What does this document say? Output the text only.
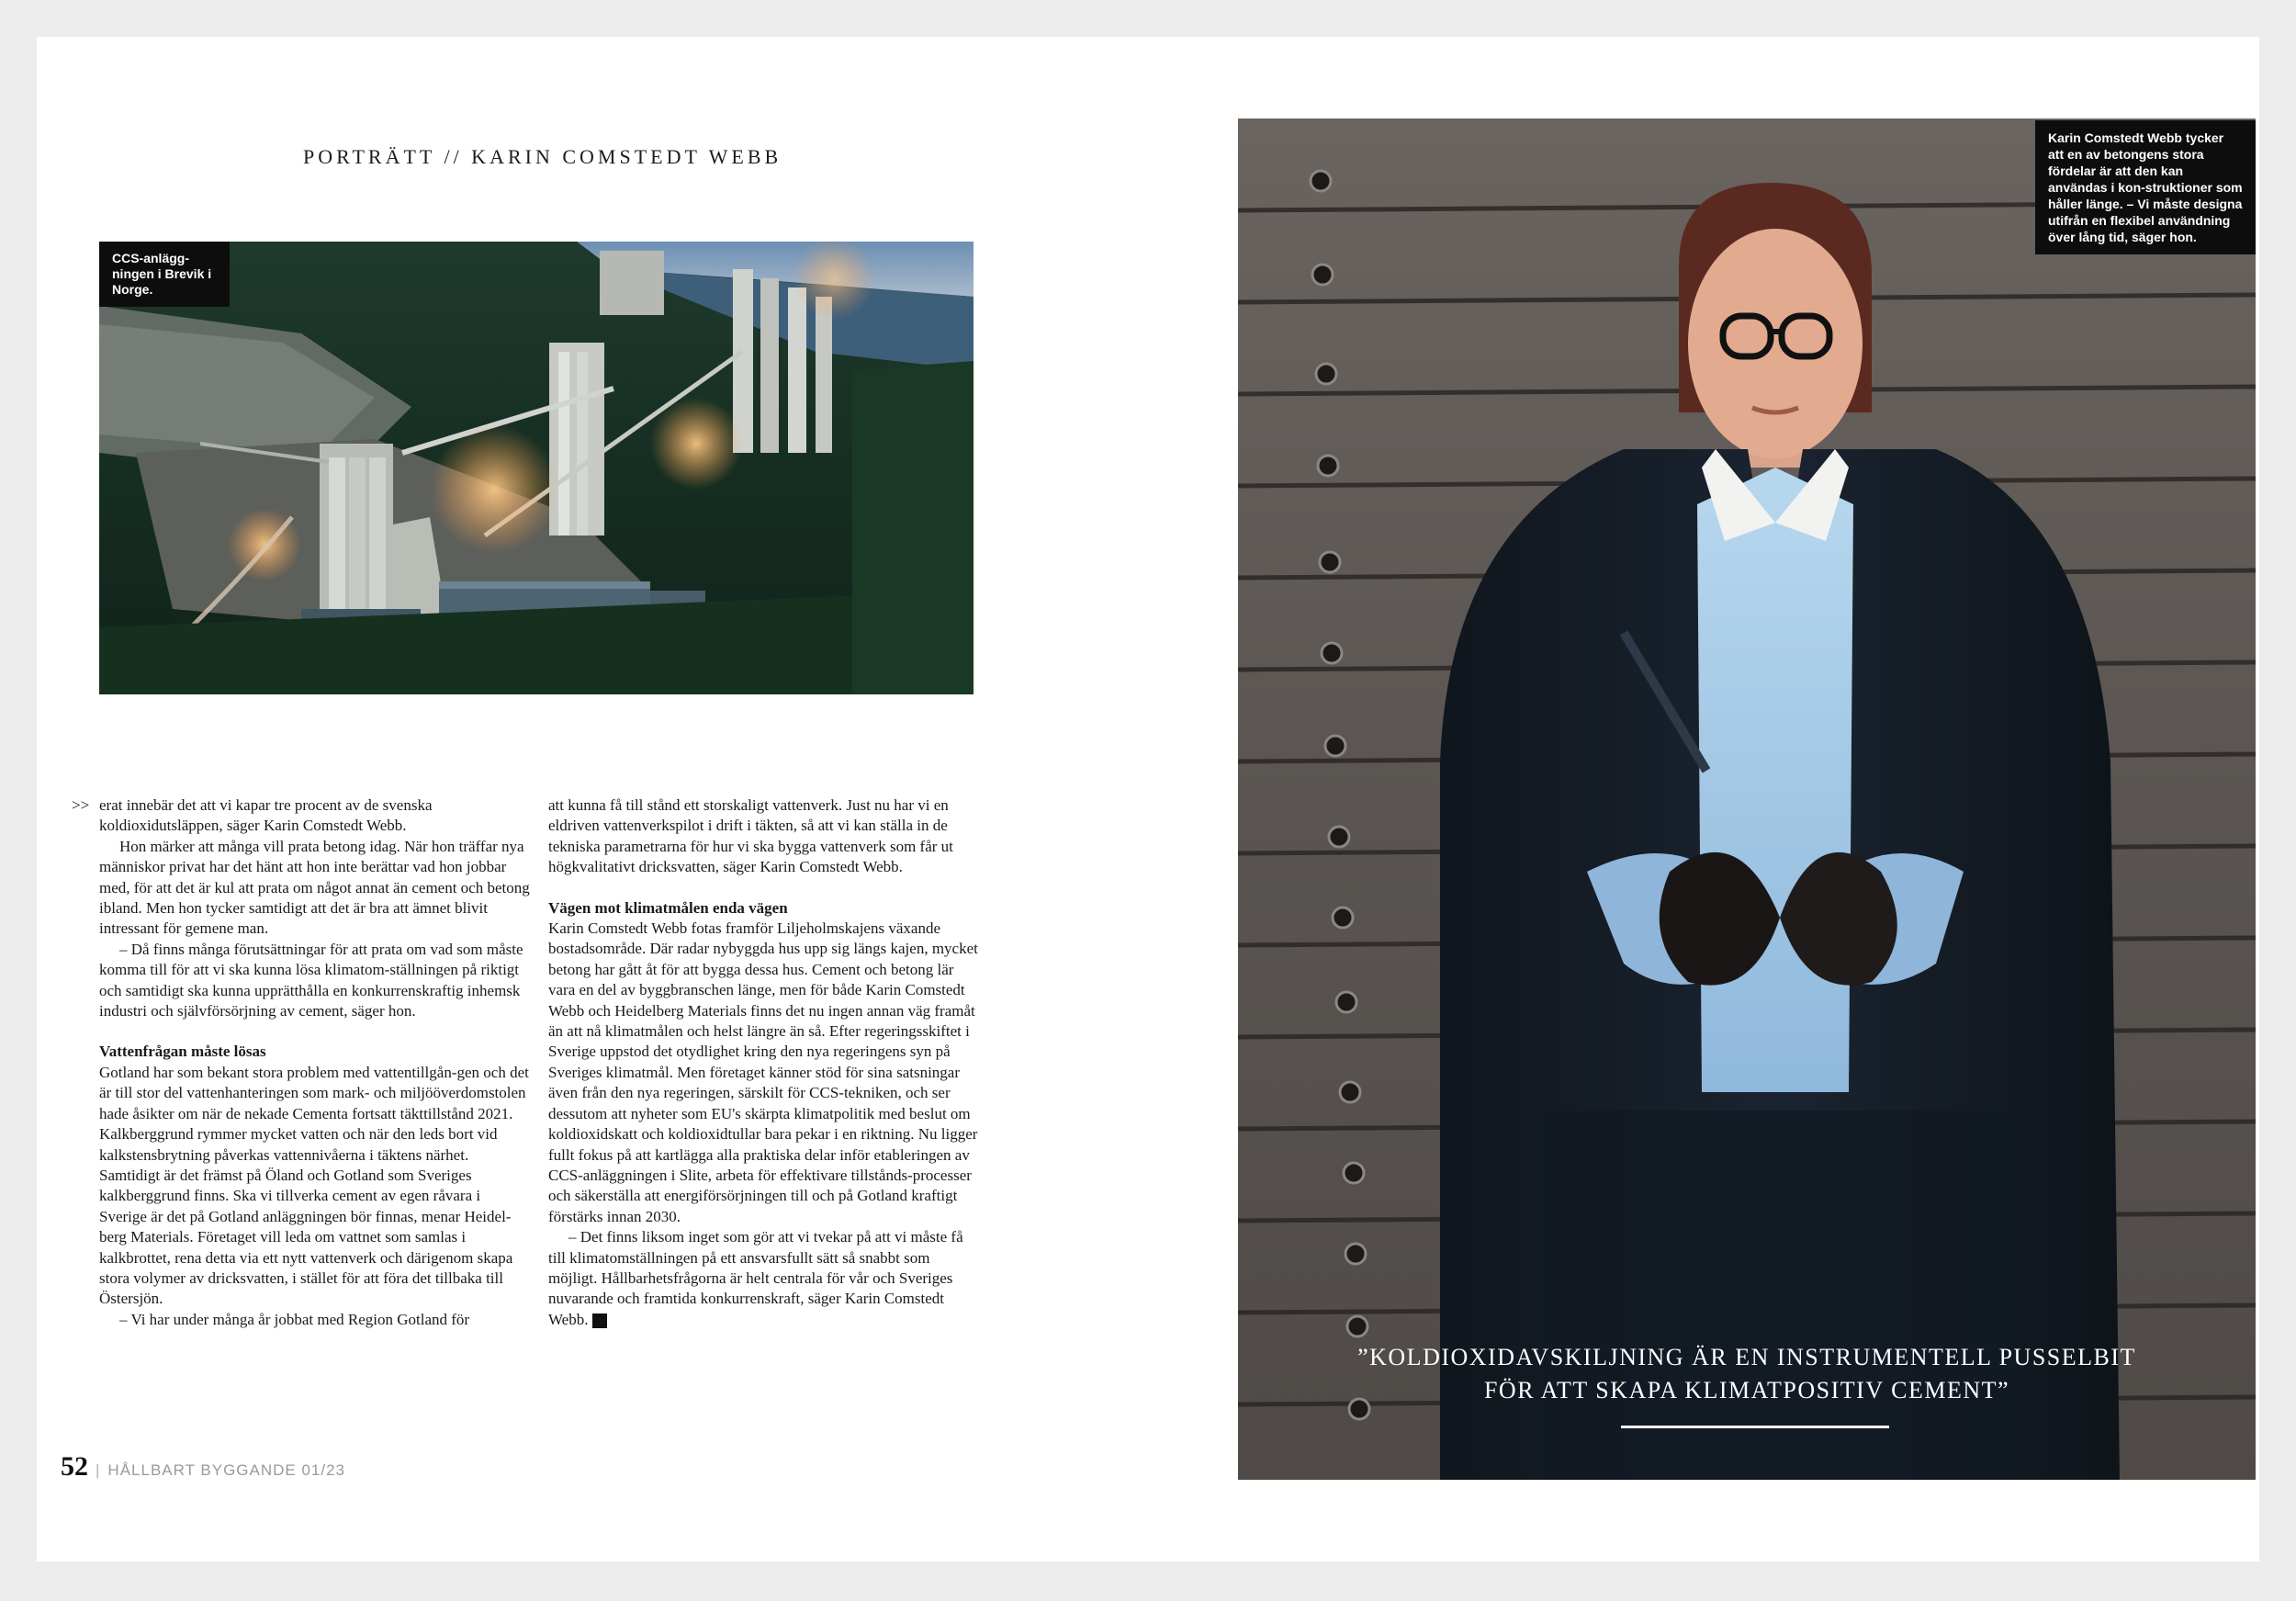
PORTRÄTT // KARIN COMSTEDT WEBB
CCS-anlägg-ningen i Brevik i Norge.
>> erat innebär det att vi kapar tre procent av de svenska koldioxidutsläppen, säger Karin Comstedt Webb.

Hon märker att många vill prata betong idag. När hon träffar nya människor privat har det hänt att hon inte berättar vad hon jobbar med, för att det är kul att prata om något annat än cement och betong ibland. Men hon tycker samtidigt att det är bra att ämnet blivit intressant för gemene man.

– Då finns många förutsättningar för att prata om vad som måste komma till för att vi ska kunna lösa klimatom-ställningen på riktigt och samtidigt ska kunna upprätthålla en konkurrenskraftig inhemsk industri och självförsörjning av cement, säger hon.

Vattenfrågan måste lösas

Gotland har som bekant stora problem med vattentillgån-gen och det är till stor del vattenhanteringen som mark- och miljööverdomstolen hade åsikter om när de nekade Cementa fortsatt täkttillstånd 2021. Kalkberggrund rymmer mycket vatten och när den leds bort vid kalkstensbrytning påverkas vattennivåerna i täktens närhet. Samtidigt är det främst på Öland och Gotland som Sveriges kalkberggrund finns. Ska vi tillverka cement av egen råvara i Sverige är det på Gotland anläggningen bör finnas, menar Heidel-berg Materials. Företaget vill leda om vattnet som samlas i kalkbrottet, rena detta via ett nytt vattenverk och därigenom skapa stora volymer av dricksvatten, i stället för att föra det tillbaka till Östersjön.

– Vi har under många år jobbat med Region Gotland för

att kunna få till stånd ett storskaligt vattenverk. Just nu har vi en eldriven vattenverkspilot i drift i täkten, så att vi kan ställa in de tekniska parametrarna för hur vi ska bygga vattenverk som får ut högkvalitativt dricksvatten, säger Karin Comstedt Webb.

Vägen mot klimatmålen enda vägen

Karin Comstedt Webb fotas framför Liljeholmskajens växande bostadsområde. Där radar nybyggda hus upp sig längs kajen, mycket betong har gått åt för att bygga dessa hus. Cement och betong lär vara en del av byggbranschen länge, men för både Karin Comstedt Webb och Heidelberg Materials finns det nu ingen annan väg framåt än att nå klimatmålen och helst längre än så. Efter regeringsskiftet i Sverige uppstod det otydlighet kring den nya regeringens syn på Sveriges klimatmål. Men företaget känner stöd för sina satsningar även från den nya regeringen, särskilt för CCS-tekniken, och ser dessutom att nyheter som EU's skärpta klimatpolitik med beslut om koldioxidskatt och koldioxidtullar bara pekar i en riktning. Nu ligger fullt fokus på att kartlägga alla praktiska delar inför etableringen av CCS-anläggningen i Slite, arbeta för effektivare tillstånds-processer och säkerställa att energiförsörjningen till och på Gotland kraftigt förstärks innan 2030.

– Det finns liksom inget som gör att vi tvekar på att vi måste få till klimatomställningen på ett ansvarsfullt sätt så snabbt som möjligt. Hållbarhetsfrågorna är helt centrala för vår och Sveriges nuvarande och framtida konkurrenskraft, säger Karin Comstedt Webb.	HB

52 | HÅLLBART BYGGANDE 01/23
Karin Comstedt Webb tycker att en av betongens stora fördelar är att den kan användas i kon-struktioner som håller länge. – Vi måste designa utifrån en flexibel användning över lång tid, säger hon.
”KOLDIOXIDAVSKILJNING ÄR EN INSTRUMENTELL PUSSELBIT
FÖR ATT SKAPA KLIMATPOSITIV CEMENT”
